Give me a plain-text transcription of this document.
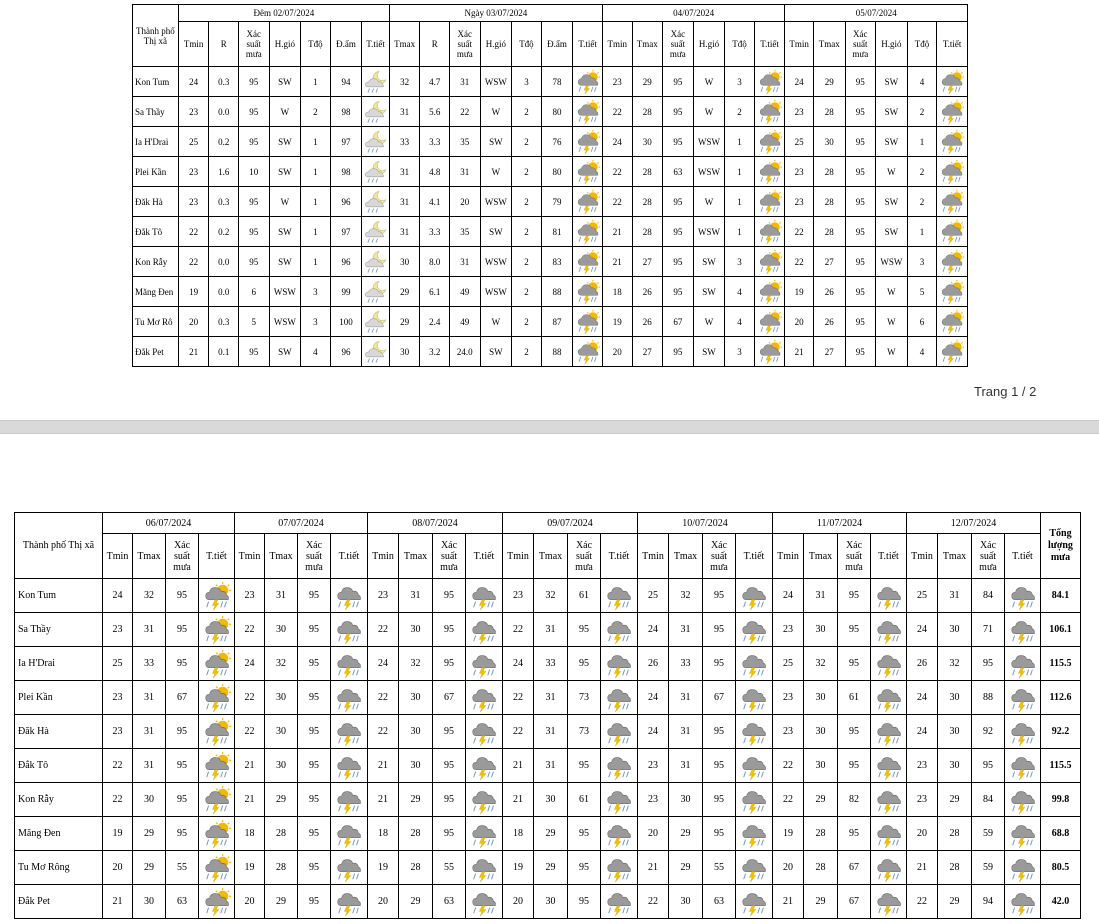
Thành phố Thị xã	Đêm 02/07/2024							Ngày 03/07/2024							04/07/2024						05/07/2024					
	Tmin	R	Xác suất mưa	H.gió	Tđộ	Đ.ẩm	T.tiết	Tmax	R	Xác suất mưa	H.gió	Tđộ	Đ.ẩm	T.tiết	Tmin	Tmax	Xác suất mưa	H.gió	Tđộ	T.tiết	Tmin	Tmax	Xác suất mưa	H.gió	Tđộ	T.tiết
Kon Tum	24	0.3	95	SW	1	94		32	4.7	31	WSW	3	78		23	29	95	W	3		24	29	95	SW	4	
Sa Thầy	23	0.0	95	W	2	98		31	5.6	22	W	2	80		22	28	95	W	2		23	28	95	SW	2	
Ia H'Drai	25	0.2	95	SW	1	97		33	3.3	35	SW	2	76		24	30	95	WSW	1		25	30	95	SW	1	
Plei Kần	23	1.6	10	SW	1	98		31	4.8	31	W	2	80		22	28	63	WSW	1		23	28	95	W	2	
Đăk Hà	23	0.3	95	W	1	96		31	4.1	20	WSW	2	79		22	28	95	W	1		23	28	95	SW	2	
Đắk Tô	22	0.2	95	SW	1	97		31	3.3	35	SW	2	81		21	28	95	WSW	1		22	28	95	SW	1	
Kon Rẫy	22	0.0	95	SW	1	96		30	8.0	31	WSW	2	83		21	27	95	SW	3		22	27	95	WSW	3	
Măng Đen	19	0.0	6	WSW	3	99		29	6.1	49	WSW	2	88		18	26	95	SW	4		19	26	95	W	5	
Tu Mơ Rô	20	0.3	5	WSW	3	100		29	2.4	49	W	2	87		19	26	67	W	4		20	26	95	W	6	
Đắk Pet	21	0.1	95	SW	4	96		30	3.2	24.0	SW	2	88		20	27	95	SW	3		21	27	95	W	4	
Trang 1 / 2
Thành phố Thị xã	06/07/2024				07/07/2024				08/07/2024				09/07/2024				10/07/2024				11/07/2024				12/07/2024				Tổng lượng mưa
	Tmin	Tmax	Xác suất mưa	T.tiết	Tmin	Tmax	Xác suất mưa	T.tiết	Tmin	Tmax	Xác suất mưa	T.tiết	Tmin	Tmax	Xác suất mưa	T.tiết	Tmin	Tmax	Xác suất mưa	T.tiết	Tmin	Tmax	Xác suất mưa	T.tiết	Tmin	Tmax	Xác suất mưa	T.tiết	
Kon Tum	24	32	95		23	31	95		23	31	95		23	32	61		25	32	95		24	31	95		25	31	84		84.1
Sa Thầy	23	31	95		22	30	95		22	30	95		22	31	95		24	31	95		23	30	95		24	30	71		106.1
Ia H'Drai	25	33	95		24	32	95		24	32	95		24	33	95		26	33	95		25	32	95		26	32	95		115.5
Plei Kần	23	31	67		22	30	95		22	30	67		22	31	73		24	31	67		23	30	61		24	30	88		112.6
Đăk Hà	23	31	95		22	30	95		22	30	95		22	31	73		24	31	95		23	30	95		24	30	92		92.2
Đắk Tô	22	31	95		21	30	95		21	30	95		21	31	95		23	31	95		22	30	95		23	30	95		115.5
Kon Rẫy	22	30	95		21	29	95		21	29	95		21	30	61		23	30	95		22	29	82		23	29	84		99.8
Măng Đen	19	29	95		18	28	95		18	28	95		18	29	95		20	29	95		19	28	95		20	28	59		68.8
Tu Mơ Rông	20	29	55		19	28	95		19	28	55		19	29	95		21	29	55		20	28	67		21	28	59		80.5
Đắk Pet	21	30	63		20	29	95		20	29	63		20	30	95		22	30	63		21	29	67		22	29	94		42.0
